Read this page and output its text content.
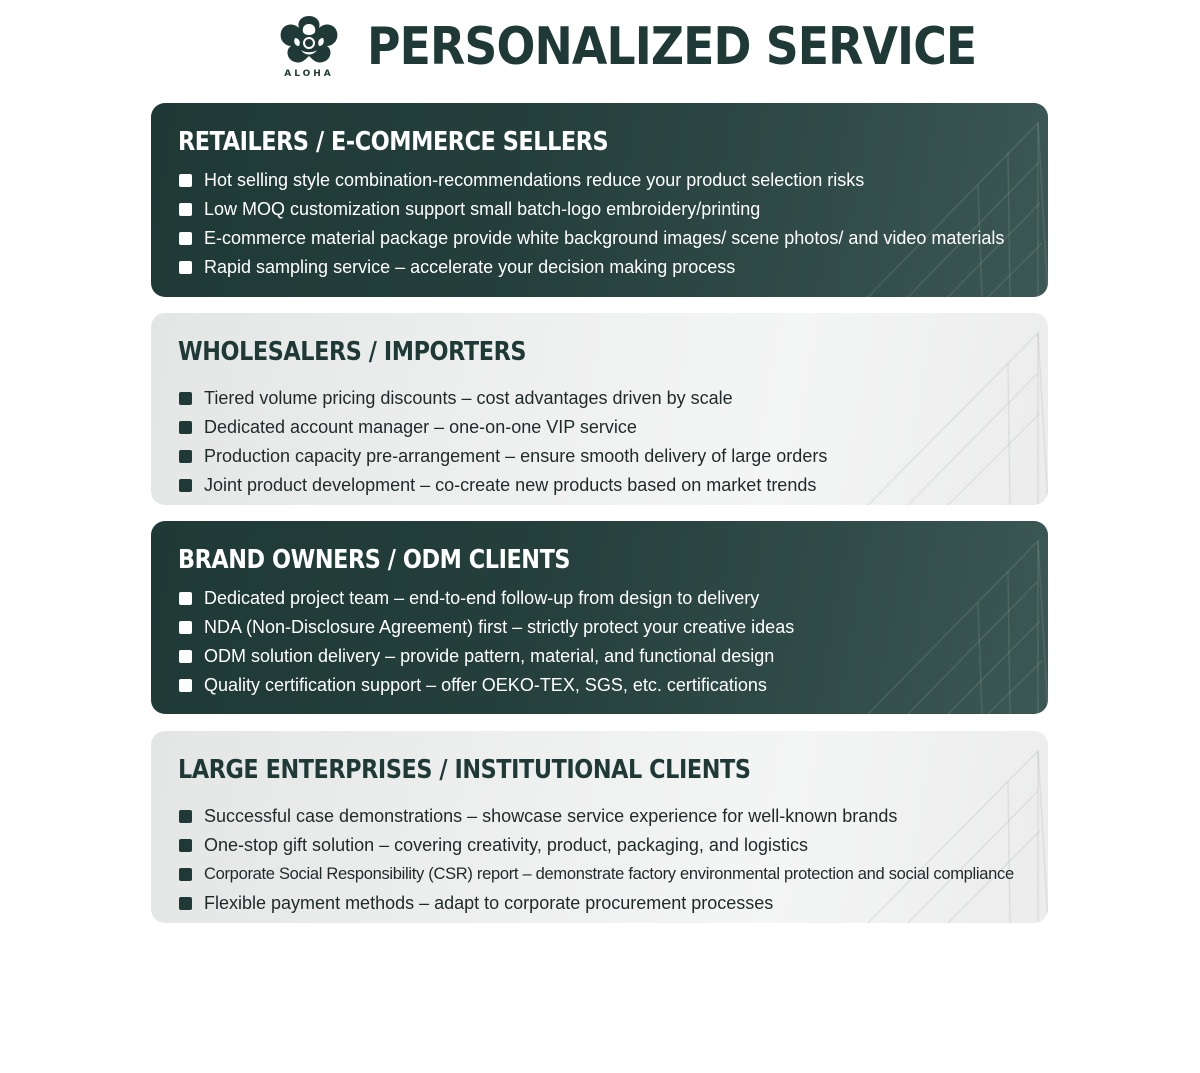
ALOHA PERSONALIZED SERVICE
RETAILERS / E-COMMERCE SELLERS
Hot selling style combination-recommendations reduce your product selection risks
Low MOQ customization support small batch-logo embroidery/printing
E-commerce material package provide white background images/ scene photos/ and video materials
Rapid sampling service – accelerate your decision making process
WHOLESALERS / IMPORTERS
Tiered volume pricing discounts – cost advantages driven by scale
Dedicated account manager – one-on-one VIP service
Production capacity pre-arrangement – ensure smooth delivery of large orders
Joint product development – co-create new products based on market trends
BRAND OWNERS / ODM CLIENTS
Dedicated project team – end-to-end follow-up from design to delivery
NDA (Non-Disclosure Agreement) first – strictly protect your creative ideas
ODM solution delivery – provide pattern, material, and functional design
Quality certification support – offer OEKO-TEX, SGS, etc. certifications
LARGE ENTERPRISES / INSTITUTIONAL CLIENTS
Successful case demonstrations – showcase service experience for well-known brands
One-stop gift solution – covering creativity, product, packaging, and logistics
Corporate Social Responsibility (CSR) report – demonstrate factory environmental protection and social compliance
Flexible payment methods – adapt to corporate procurement processes
